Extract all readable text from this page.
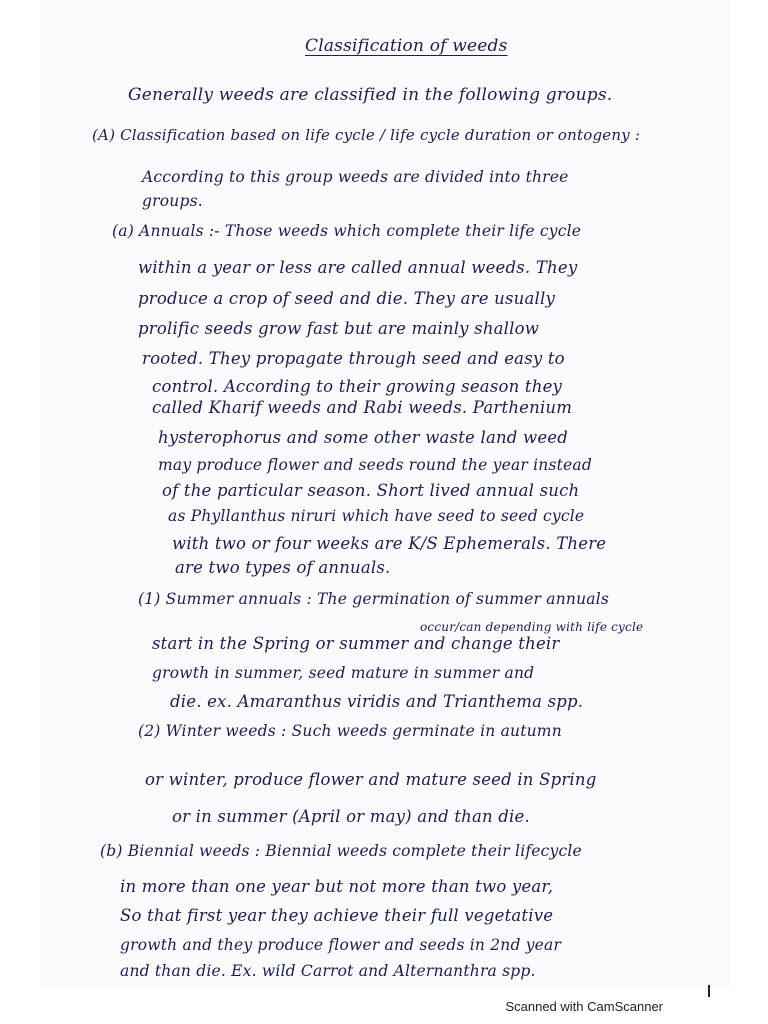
Classification of weeds
Generally weeds are classified in the following groups.
(A) Classification based on life cycle / life cycle duration or ontogeny :
According to this group weeds are divided into three
groups.
(a) Annuals :- Those weeds which complete their life cycle
within a year or less are called annual weeds. They
produce a crop of seed and die. They are usually
prolific seeds grow fast but are mainly shallow
rooted. They propagate through seed and easy to
control. According to their growing season they
called Kharif weeds and Rabi weeds. Parthenium
hysterophorus and some other waste land weed
may produce flower and seeds round the year instead
of the particular season. Short lived annual such
as Phyllanthus niruri which have seed to seed cycle
with two or four weeks are K/S Ephemerals. There
are two types of annuals.
(1) Summer annuals : The germination of summer annuals
occur/can depending with life cycle
start in the Spring or summer and change their
growth in summer, seed mature in summer and
die. ex. Amaranthus viridis and Trianthema spp.
(2) Winter weeds : Such weeds germinate in autumn
or winter, produce flower and mature seed in Spring
or in summer (April or may) and than die.
(b) Biennial weeds : Biennial weeds complete their lifecycle
in more than one year but not more than two year,
So that first year they achieve their full vegetative
growth and they produce flower and seeds in 2nd year
and than die. Ex. wild Carrot and Alternanthra spp.
Scanned with CamScanner
